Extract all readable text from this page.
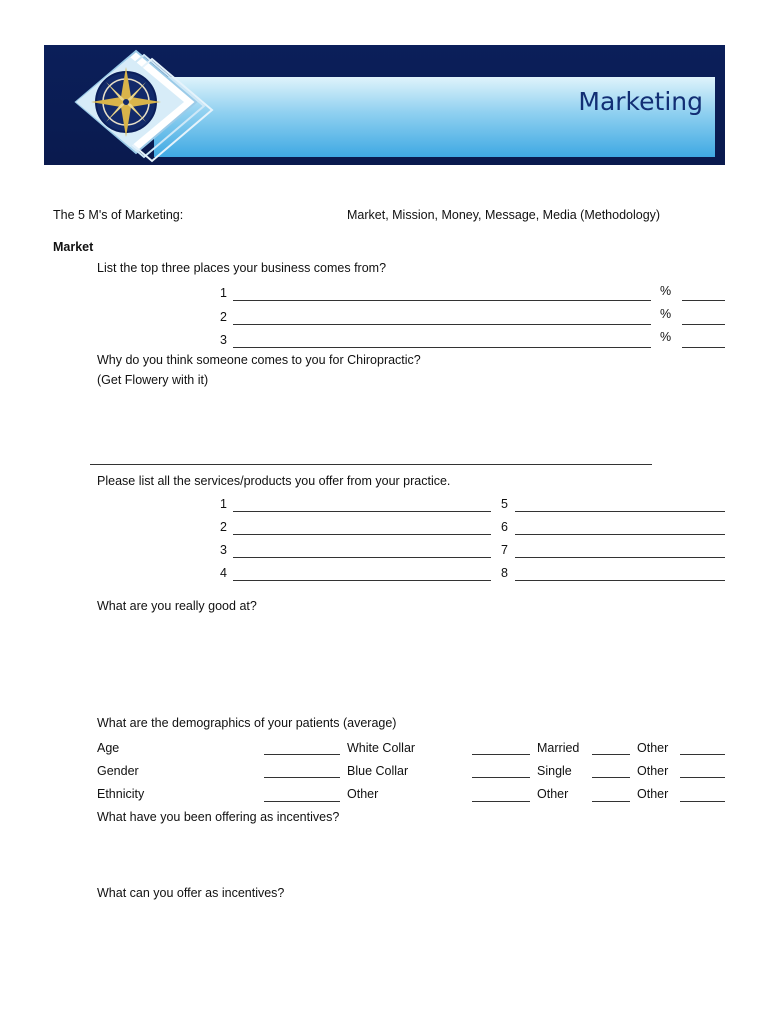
Marketing
The 5 M's of Marketing:	Market, Mission, Money, Message, Media (Methodology)
Market
List the top three places your business comes from?
1	%
2	%
3	%
Why do you think someone comes to you for Chiropractic?
(Get Flowery with it)
Please list all the services/products you offer from your practice.
1	5
2	6
3	7
4	8
What are you really good at?
What are the demographics of your patients (average)
Age	White Collar	Married	Other
Gender	Blue Collar	Single	Other
Ethnicity	Other	Other	Other
What have you been offering as incentives?
What can you offer as incentives?
